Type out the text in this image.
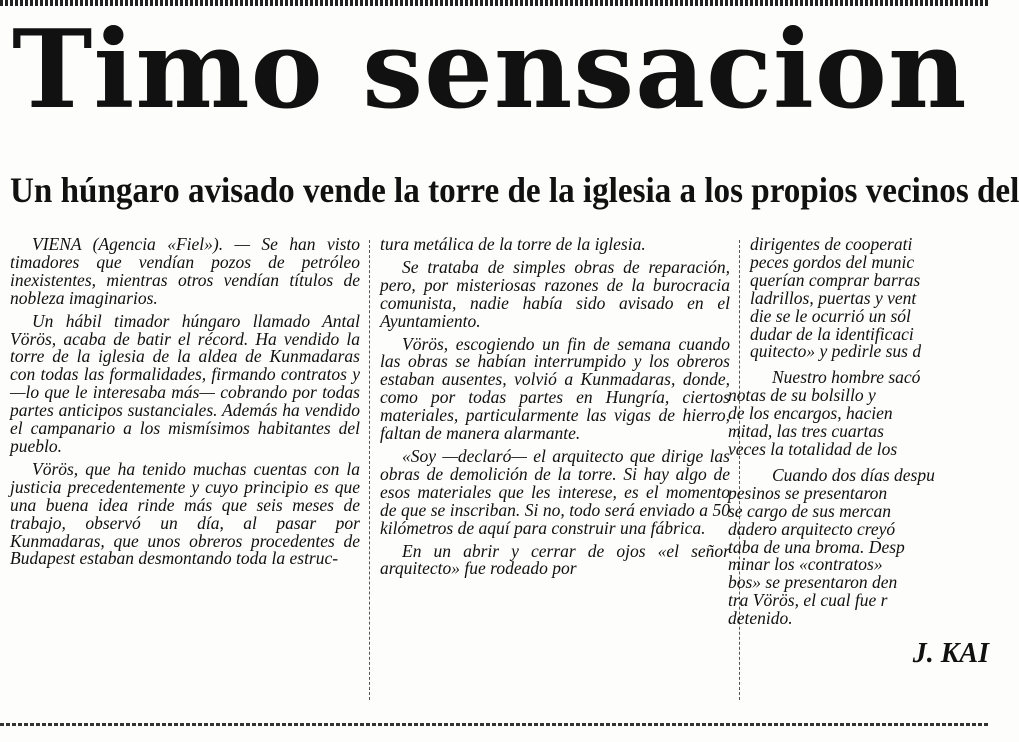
Timo sensacion
Un húngaro avisado vende la torre de la iglesia a los propios vecinos del

VIENA (Agencia «Fiel»). — Se han visto timadores que vendían pozos de petróleo inexistentes, mientras otros vendían títulos de nobleza imaginarios.

Un hábil timador húngaro llamado Antal Vörös, acaba de batir el récord. Ha vendido la torre de la iglesia de la aldea de Kunmadaras con todas las formalidades, firmando contratos y —lo que le interesaba más— cobrando por todas partes anticipos sustanciales. Además ha vendido el campanario a los mismísimos habitantes del pueblo.

Vörös, que ha tenido muchas cuentas con la justicia precedentemente y cuyo principio es que una buena idea rinde más que seis meses de trabajo, observó un día, al pasar por Kunmadaras, que unos obreros procedentes de Budapest estaban desmontando toda la estruc-

tura metálica de la torre de la iglesia.

Se trataba de simples obras de reparación, pero, por misteriosas razones de la burocracia comunista, nadie había sido avisado en el Ayuntamiento.

Vörös, escogiendo un fin de semana cuando las obras se habían interrumpido y los obreros estaban ausentes, volvió a Kunmadaras, donde, como por todas partes en Hungría, ciertos materiales, particularmente las vigas de hierro, faltan de manera alarmante.

«Soy —declaró— el arquitecto que dirige las obras de demolición de la torre. Si hay algo de esos materiales que les interese, es el momento de que se inscriban. Si no, todo será enviado a 50 kilómetros de aquí para construir una fábrica.

En un abrir y cerrar de ojos «el señor arquitecto» fue rodeado por

dirigentes de cooperati
peces gordos del munic
querían comprar barras
ladrillos, puertas y vent
die se le ocurrió un sól
dudar de la identificaci
quitecto» y pedirle sus d

Nuestro hombre sacó
notas de su bolsillo y
de los encargos, hacien
mitad, las tres cuartas
veces la totalidad de los

Cuando dos días despu
pesinos se presentaron
se cargo de sus mercan
dadero arquitecto creyó
taba de una broma. Desp
minar los «contratos»
bos» se presentaron den
tra Vörös, el cual fue r
detenido.

J. KAI
